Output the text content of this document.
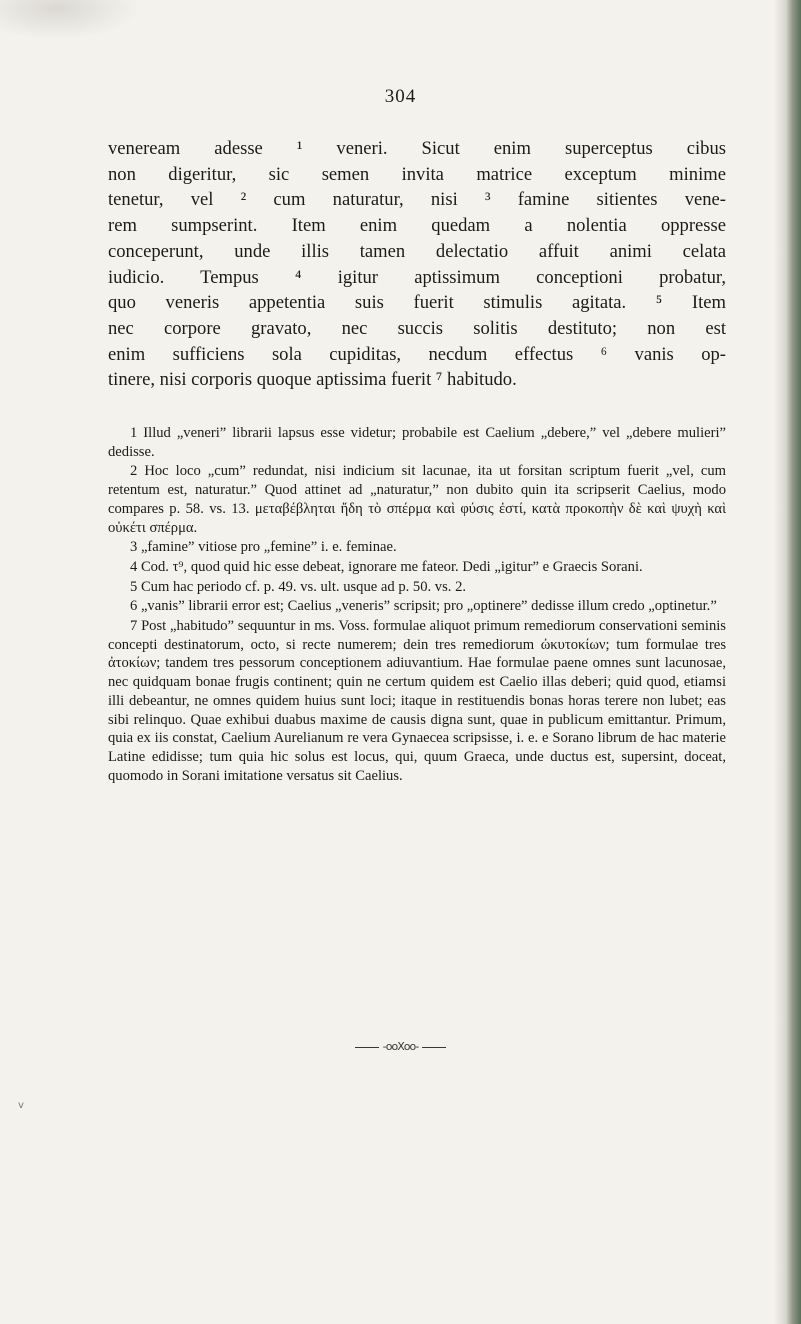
304
veneream adesse ¹ veneri. Sicut enim superceptus cibus
non digeritur, sic semen invita matrice exceptum minime
tenetur, vel ² cum naturatur, nisi ³ famine sitientes vene-
rem sumpserint. Item enim quedam a nolentia oppresse
conceperunt, unde illis tamen delectatio affuit animi celata
iudicio. Tempus ⁴ igitur aptissimum conceptioni probatur,
quo veneris appetentia suis fuerit stimulis agitata. ⁵ Item
nec corpore gravato, nec succis solitis destituto; non est
enim sufficiens sola cupiditas, necdum effectus ⁶ vanis op-
tinere, nisi corporis quoque aptissima fuerit ⁷ habitudo.

1 Illud „veneri” librarii lapsus esse videtur; probabile est Caelium „debere,” vel „debere mulieri” dedisse.

2 Hoc loco „cum” redundat, nisi indicium sit lacunae, ita ut forsitan scriptum fuerit „vel, cum retentum est, naturatur.” Quod attinet ad „naturatur,” non dubito quin ita scripserit Caelius, modo compares p. 58. vs. 13. μεταβέβληται ἤδη τὸ σπέρμα καὶ φύσις ἐστί, κατὰ προκοπὴν δὲ καὶ ψυχὴ καὶ οὐκέτι σπέρμα.

3 „famine” vitiose pro „femine” i. e. feminae.

4 Cod. τ⁹, quod quid hic esse debeat, ignorare me fateor. Dedi „igitur” e Graecis Sorani.

5 Cum hac periodo cf. p. 49. vs. ult. usque ad p. 50. vs. 2.

6 „vanis” librarii error est; Caelius „veneris” scripsit; pro „optinere” dedisse illum credo „optinetur.”

7 Post „habitudo” sequuntur in ms. Voss. formulae aliquot primum remediorum conservationi seminis concepti destinatorum, octo, si recte numerem; dein tres remediorum ὠκυτοκίων; tum formulae tres ἀτοκίων; tandem tres pessorum conceptionem adiuvantium. Hae formulae paene omnes sunt lacunosae, nec quidquam bonae frugis continent; quin ne certum quidem est Caelio illas deberi; quid quod, etiamsi illi debeantur, ne omnes quidem huius sunt loci; itaque in restituendis bonas horas terere non lubet; eas sibi relinquo. Quae exhibui duabus maxime de causis digna sunt, quae in publicum emittantur. Primum, quia ex iis constat, Caelium Aurelianum re vera Gynaecea scripsisse, i. e. e Sorano librum de hac materie Latine edidisse; tum quia hic solus est locus, qui, quum Graeca, unde ductus est, supersint, doceat, quomodo in Sorani imitatione versatus sit Caelius.

-ooXoo-
v
